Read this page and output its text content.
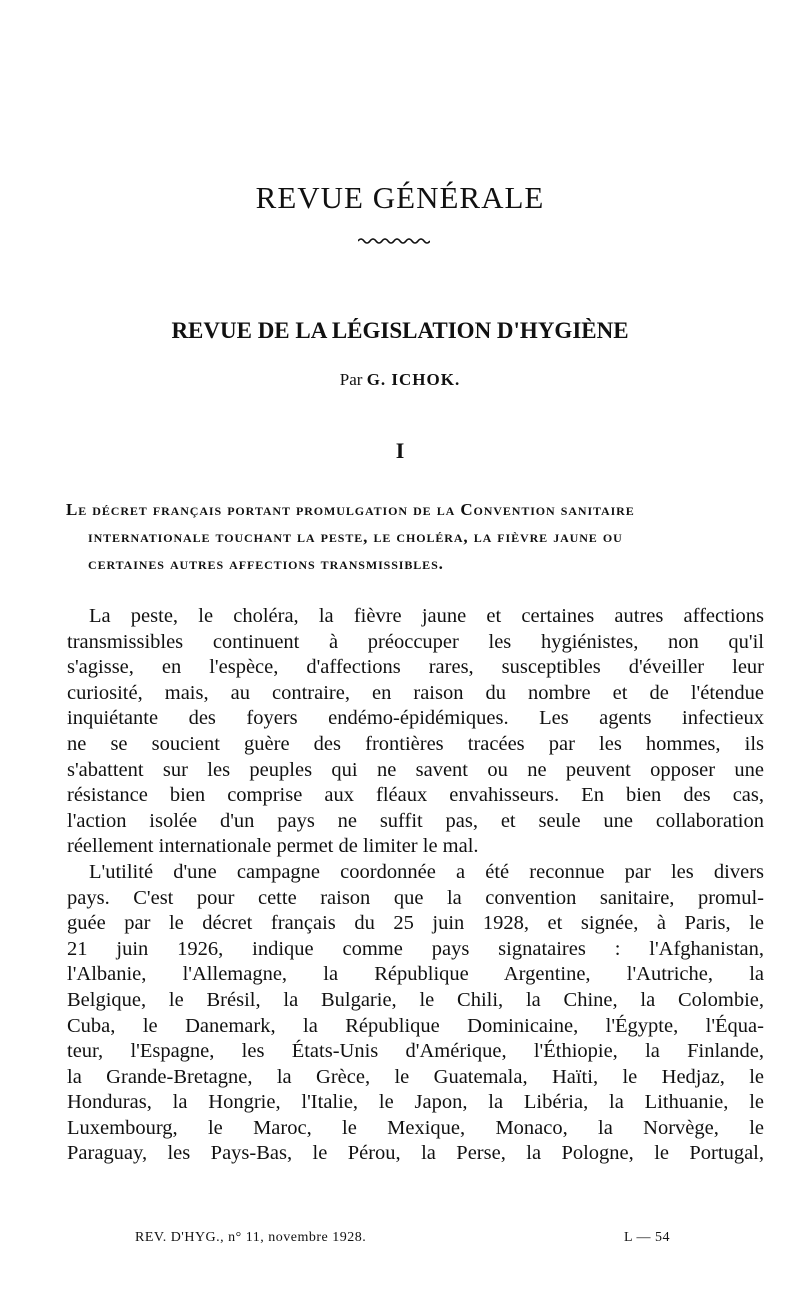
REVUE GÉNÉRALE
REVUE DE LA LÉGISLATION D'HYGIÈNE
Par G. ICHOK.
I
Le décret français portant promulgation de la Convention sanitaire
internationale touchant la peste, le choléra, la fièvre jaune ou
certaines autres affections transmissibles.
La peste, le choléra, la fièvre jaune et certaines autres affections
transmissibles continuent à préoccuper les hygiénistes, non qu'il
s'agisse, en l'espèce, d'affections rares, susceptibles d'éveiller leur
curiosité, mais, au contraire, en raison du nombre et de l'étendue
inquiétante des foyers endémo-épidémiques. Les agents infectieux
ne se soucient guère des frontières tracées par les hommes, ils
s'abattent sur les peuples qui ne savent ou ne peuvent opposer une
résistance bien comprise aux fléaux envahisseurs. En bien des cas,
l'action isolée d'un pays ne suffit pas, et seule une collaboration
réellement internationale permet de limiter le mal.
L'utilité d'une campagne coordonnée a été reconnue par les divers
pays. C'est pour cette raison que la convention sanitaire, promul-
guée par le décret français du 25 juin 1928, et signée, à Paris, le
21 juin 1926, indique comme pays signataires : l'Afghanistan,
l'Albanie, l'Allemagne, la République Argentine, l'Autriche, la
Belgique, le Brésil, la Bulgarie, le Chili, la Chine, la Colombie,
Cuba, le Danemark, la République Dominicaine, l'Égypte, l'Équa-
teur, l'Espagne, les États-Unis d'Amérique, l'Éthiopie, la Finlande,
la Grande-Bretagne, la Grèce, le Guatemala, Haïti, le Hedjaz, le
Honduras, la Hongrie, l'Italie, le Japon, la Libéria, la Lithuanie, le
Luxembourg, le Maroc, le Mexique, Monaco, la Norvège, le
Paraguay, les Pays-Bas, le Pérou, la Perse, la Pologne, le Portugal,
REV. D'HYG., n° 11, novembre 1928.	L — 54
